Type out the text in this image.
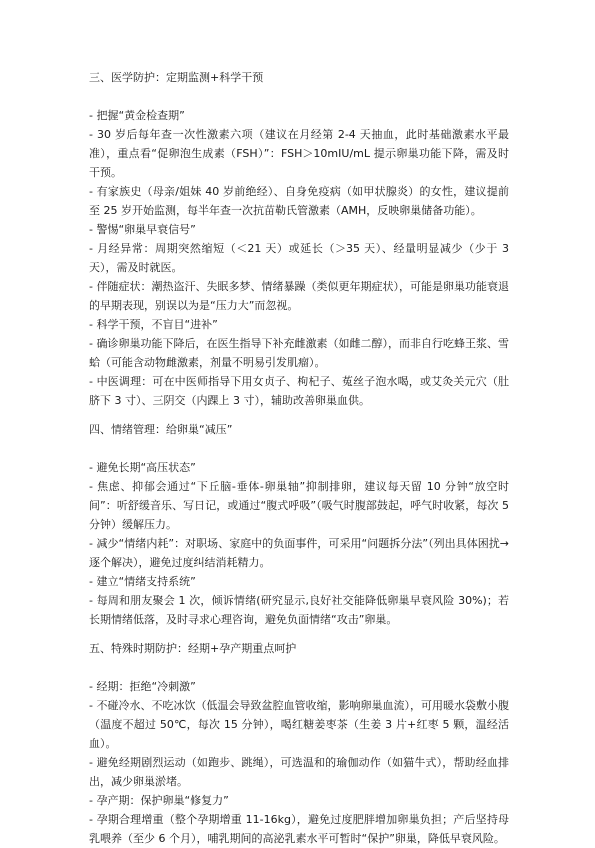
三、医学防护：定期监测+科学干预

- 把握“黄金检查期”

- 30 岁后每年查一次性激素六项（建议在月经第 2-4 天抽血，此时基础激素水平最准），重点看“促卵泡生成素（FSH）”：FSH＞10mIU/mL 提示卵巢功能下降，需及时干预。

- 有家族史（母亲/姐妹 40 岁前绝经）、自身免疫病（如甲状腺炎）的女性，建议提前至 25 岁开始监测，每半年查一次抗苗勒氏管激素（AMH，反映卵巢储备功能）。

- 警惕“卵巢早衰信号”

- 月经异常：周期突然缩短（＜21 天）或延长（＞35 天）、经量明显减少（少于 3 天），需及时就医。

- 伴随症状：潮热盗汗、失眠多梦、情绪暴躁（类似更年期症状），可能是卵巢功能衰退的早期表现，别误以为是“压力大”而忽视。

- 科学干预，不盲目“进补”

- 确诊卵巢功能下降后，在医生指导下补充雌激素（如雌二醇），而非自行吃蜂王浆、雪蛤（可能含动物雌激素，剂量不明易引发肌瘤）。

- 中医调理：可在中医师指导下用女贞子、枸杞子、菟丝子泡水喝，或艾灸关元穴（肚脐下 3 寸）、三阴交（内踝上 3 寸），辅助改善卵巢血供。

四、情绪管理：给卵巢“减压”

- 避免长期“高压状态”

- 焦虑、抑郁会通过“下丘脑-垂体-卵巢轴”抑制排卵，建议每天留 10 分钟“放空时间”：听舒缓音乐、写日记，或通过“腹式呼吸”（吸气时腹部鼓起，呼气时收紧，每次 5 分钟）缓解压力。

- 减少“情绪内耗”：对职场、家庭中的负面事件，可采用“问题拆分法”（列出具体困扰→逐个解决），避免过度纠结消耗精力。

- 建立“情绪支持系统”

- 每周和朋友聚会 1 次，倾诉情绪(研究显示,良好社交能降低卵巢早衰风险 30%)；若长期情绪低落，及时寻求心理咨询，避免负面情绪“攻击”卵巢。

五、特殊时期防护：经期+孕产期重点呵护

- 经期：拒绝“冷刺激”

- 不碰冷水、不吃冰饮（低温会导致盆腔血管收缩，影响卵巢血流），可用暖水袋敷小腹（温度不超过 50℃，每次 15 分钟），喝红糖姜枣茶（生姜 3 片+红枣 5 颗，温经活血）。

- 避免经期剧烈运动（如跑步、跳绳），可选温和的瑜伽动作（如猫牛式），帮助经血排出，减少卵巢淤堵。

- 孕产期：保护卵巢“修复力”

- 孕期合理增重（整个孕期增重 11-16kg），避免过度肥胖增加卵巢负担；产后坚持母乳喂养（至少 6 个月），哺乳期间的高泌乳素水平可暂时“保护”卵巢，降低早衰风险。
